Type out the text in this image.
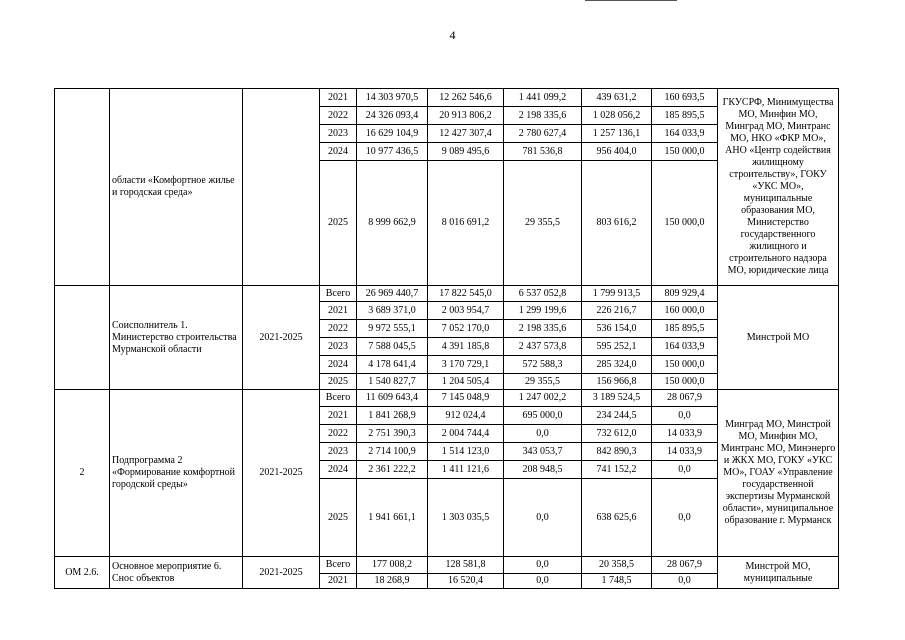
4
	области «Комфортное жилье и городская среда»		2021	14 303 970,5	12 262 546,6	1 441 099,2	439 631,2	160 693,5	ГКУСРФ, Минимущества МО, Минфин МО, Минград МО, Минтранс МО, НКО «ФКР МО», АНО «Центр содействия жилищному строительству», ГОКУ «УКС МО», муниципальные образования МО, Министерство государственного жилищного и строительного надзора МО, юридические лица
			2022	24 326 093,4	20 913 806,2	2 198 335,6	1 028 056,2	185 895,5	
			2023	16 629 104,9	12 427 307,4	2 780 627,4	1 257 136,1	164 033,9	
			2024	10 977 436,5	9 089 495,6	781 536,8	956 404,0	150 000,0	
			2025	8 999 662,9	8 016 691,2	29 355,5	803 616,2	150 000,0	
	Соисполнитель 1. Министерство строительства Мурманской области	2021-2025	Всего	26 969 440,7	17 822 545,0	6 537 052,8	1 799 913,5	809 929,4	Минстрой МО
			2021	3 689 371,0	2 003 954,7	1 299 199,6	226 216,7	160 000,0	
			2022	9 972 555,1	7 052 170,0	2 198 335,6	536 154,0	185 895,5	
			2023	7 588 045,5	4 391 185,8	2 437 573,8	595 252,1	164 033,9	
			2024	4 178 641,4	3 170 729,1	572 588,3	285 324,0	150 000,0	
			2025	1 540 827,7	1 204 505,4	29 355,5	156 966,8	150 000,0	
2	Подпрограмма 2 «Формирование комфортной городской среды»	2021-2025	Всего	11 609 643,4	7 145 048,9	1 247 002,2	3 189 524,5	28 067,9	Минград МО, Минстрой МО, Минфин МО, Минтранс МО, Минэнерго и ЖКХ МО, ГОКУ «УКС МО», ГОАУ «Управление государственной экспертизы Мурманской области», муниципальное образование г. Мурманск
			2021	1 841 268,9	912 024,4	695 000,0	234 244,5	0,0	
			2022	2 751 390,3	2 004 744,4	0,0	732 612,0	14 033,9	
			2023	2 714 100,9	1 514 123,0	343 053,7	842 890,3	14 033,9	
			2024	2 361 222,2	1 411 121,6	208 948,5	741 152,2	0,0	
			2025	1 941 661,1	1 303 035,5	0,0	638 625,6	0,0	
ОМ 2.6.	Основное мероприятие 6. Снос объектов	2021-2025	Всего	177 008,2	128 581,8	0,0	20 358,5	28 067,9	Минстрой МО, муниципальные
			2021	18 268,9	16 520,4	0,0	1 748,5	0,0	
